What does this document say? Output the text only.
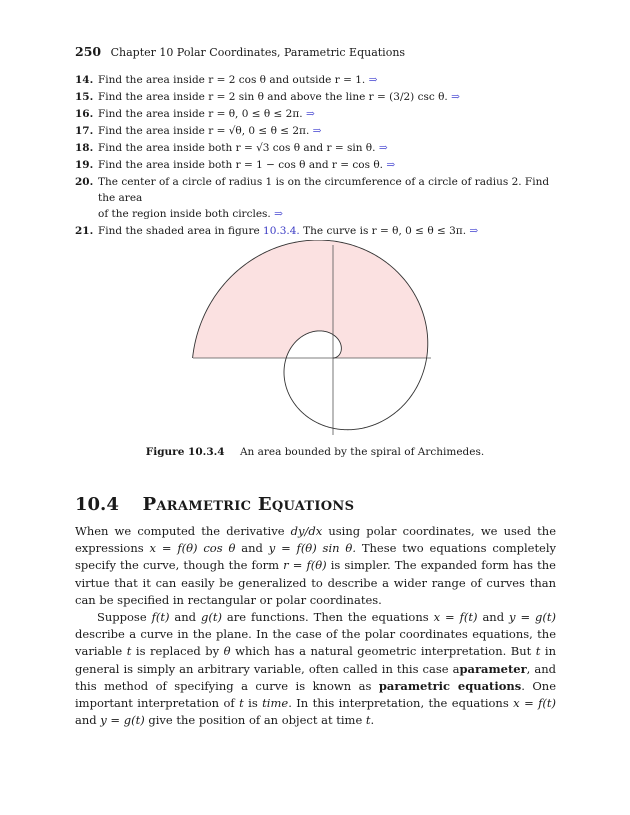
250 Chapter 10 Polar Coordinates, Parametric Equations
14. Find the area inside r = 2 cos θ and outside r = 1. ⇒
15. Find the area inside r = 2 sin θ and above the line r = (3/2) csc θ. ⇒
16. Find the area inside r = θ, 0 ≤ θ ≤ 2π. ⇒
17. Find the area inside r = √θ, 0 ≤ θ ≤ 2π. ⇒
18. Find the area inside both r = √3 cos θ and r = sin θ. ⇒
19. Find the area inside both r = 1 − cos θ and r = cos θ. ⇒
20. The center of a circle of radius 1 is on the circumference of a circle of radius 2. Find the area
of the region inside both circles. ⇒
21. Find the shaded area in figure 10.3.4. The curve is r = θ, 0 ≤ θ ≤ 3π. ⇒
Figure 10.3.4 An area bounded by the spiral of Archimedes.
10.4 Parametric Equations

When we computed the derivative dy/dx using polar coordinates, we used the expressions x = f(θ) cos θ and y = f(θ) sin θ. These two equations completely specify the curve, though the form r = f(θ) is simpler. The expanded form has the virtue that it can easily be generalized to describe a wider range of curves than can be specified in rectangular or polar coordinates.

Suppose f(t) and g(t) are functions. Then the equations x = f(t) and y = g(t) describe a curve in the plane. In the case of the polar coordinates equations, the variable t is replaced by θ which has a natural geometric interpretation. But t in general is simply an arbitrary variable, often called in this case aparameter, and this method of specifying a curve is known as parametric equations. One important interpretation of t is time. In this interpretation, the equations x = f(t) and y = g(t) give the position of an object at time t.
